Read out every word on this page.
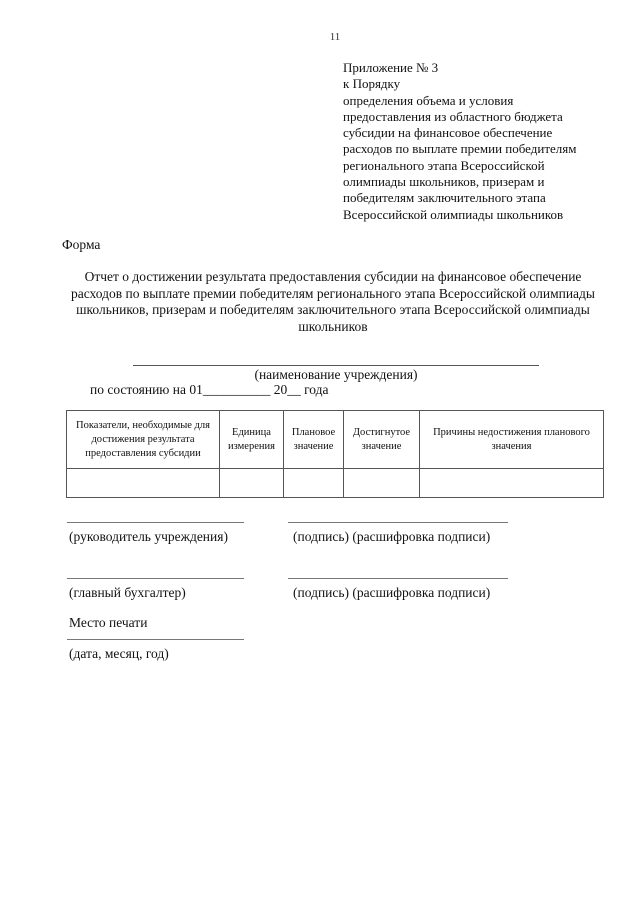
11
Приложение № 3
к Порядку
определения объема и условия
предоставления из областного бюджета
субсидии на финансовое обеспечение
расходов по выплате премии победителям
регионального этапа Всероссийской
олимпиады школьников, призерам и
победителям заключительного этапа
Всероссийской олимпиады школьников
Форма
Отчет о достижении результата предоставления субсидии на финансовое обеспечение
расходов по выплате премии победителям регионального этапа Всероссийской олимпиады
школьников, призерам и победителям заключительного этапа Всероссийской олимпиады
школьников
(наименование учреждения)
по состоянию на 01__________ 20__ года
Показатели, необходимые для достижения результата предоставления субсидии	Единица измерения	Плановое значение	Достигнутое значение	Причины недостижения планового значения

(руководитель учреждения)	(подпись) (расшифровка подписи)
(главный бухгалтер)	(подпись) (расшифровка подписи)
Место печати
(дата, месяц, год)
